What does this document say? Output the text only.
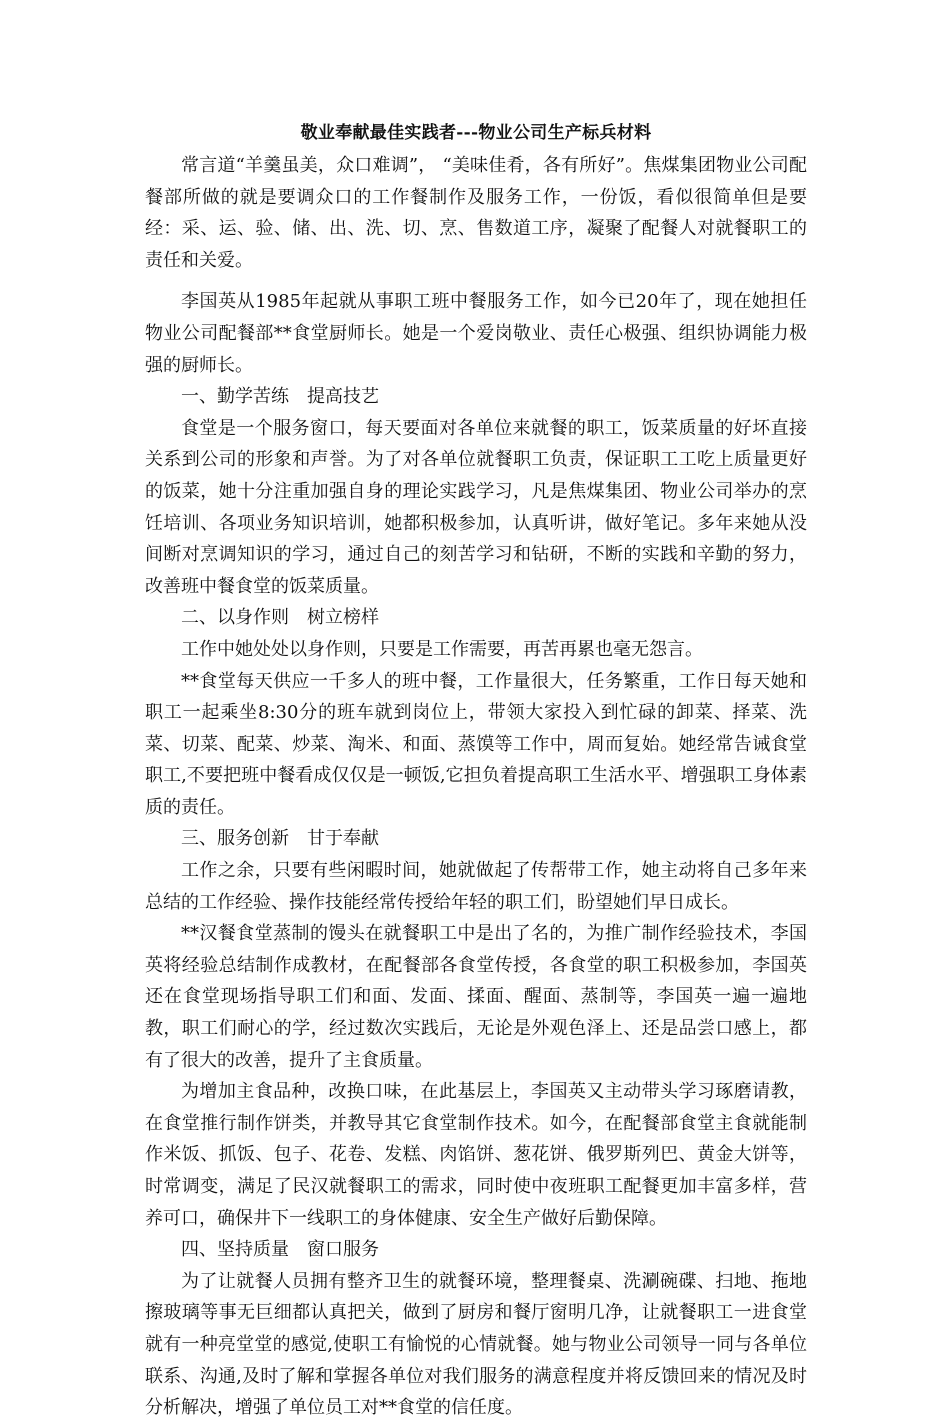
敬业奉献最佳实践者---物业公司生产标兵材料

常言道“羊羹虽美，众口难调”， “美味佳肴，各有所好”。焦煤集团物业公司配餐部所做的就是要调众口的工作餐制作及服务工作，一份饭，看似很简单但是要经：采、运、验、储、出、洗、切、烹、售数道工序，凝聚了配餐人对就餐职工的责任和关爱。

李国英从1985年起就从事职工班中餐服务工作，如今已20年了，现在她担任物业公司配餐部**食堂厨师长。她是一个爱岗敬业、责任心极强、组织协调能力极强的厨师长。

一、勤学苦练　提高技艺

食堂是一个服务窗口，每天要面对各单位来就餐的职工，饭菜质量的好坏直接关系到公司的形象和声誉。为了对各单位就餐职工负责，保证职工工吃上质量更好的饭菜，她十分注重加强自身的理论实践学习，凡是焦煤集团、物业公司举办的烹饪培训、各项业务知识培训，她都积极参加，认真听讲，做好笔记。多年来她从没间断对烹调知识的学习，通过自己的刻苦学习和钻研，不断的实践和辛勤的努力，改善班中餐食堂的饭菜质量。

二、以身作则　树立榜样

工作中她处处以身作则，只要是工作需要，再苦再累也毫无怨言。

**食堂每天供应一千多人的班中餐，工作量很大，任务繁重，工作日每天她和职工一起乘坐8:30分的班车就到岗位上，带领大家投入到忙碌的卸菜、择菜、洗菜、切菜、配菜、炒菜、淘米、和面、蒸馍等工作中，周而复始。她经常告诫食堂职工,不要把班中餐看成仅仅是一顿饭,它担负着提高职工生活水平、增强职工身体素质的责任。

三、服务创新　甘于奉献

工作之余，只要有些闲暇时间，她就做起了传帮带工作，她主动将自己多年来总结的工作经验、操作技能经常传授给年轻的职工们，盼望她们早日成长。

**汉餐食堂蒸制的馒头在就餐职工中是出了名的，为推广制作经验技术，李国英将经验总结制作成教材，在配餐部各食堂传授，各食堂的职工积极参加，李国英还在食堂现场指导职工们和面、发面、揉面、醒面、蒸制等，李国英一遍一遍地教，职工们耐心的学，经过数次实践后，无论是外观色泽上、还是品尝口感上，都有了很大的改善，提升了主食质量。

为增加主食品种，改换口味，在此基层上，李国英又主动带头学习琢磨请教，在食堂推行制作饼类，并教导其它食堂制作技术。如今，在配餐部食堂主食就能制作米饭、抓饭、包子、花卷、发糕、肉馅饼、葱花饼、俄罗斯列巴、黄金大饼等，时常调变，满足了民汉就餐职工的需求，同时使中夜班职工配餐更加丰富多样，营养可口，确保井下一线职工的身体健康、安全生产做好后勤保障。

四、坚持质量　窗口服务

为了让就餐人员拥有整齐卫生的就餐环境，整理餐桌、洗涮碗碟、扫地、拖地擦玻璃等事无巨细都认真把关，做到了厨房和餐厅窗明几净，让就餐职工一进食堂就有一种亮堂堂的感觉,使职工有愉悦的心情就餐。她与物业公司领导一同与各单位联系、沟通,及时了解和掌握各单位对我们服务的满意程度并将反馈回来的情况及时分析解决，增强了单位员工对**食堂的信任度。
